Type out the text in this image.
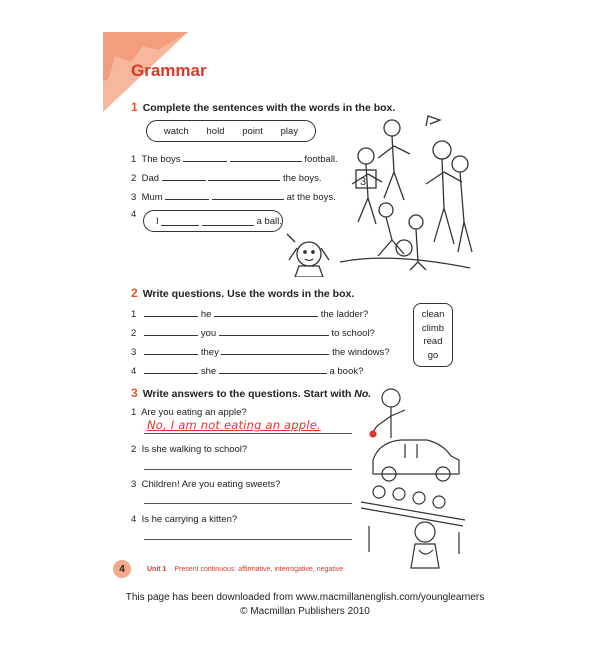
Grammar
1 Complete the sentences with the words in the box.
watch hold point play
1 The boys	football.
2 Dad	the boys.
3 Mum	at the boys.
4
I

	a ball.
3
2 Write questions. Use the words in the box.
1	he	the ladder?
2	you	to school?
3	they	the windows?
4	she	a book?
clean
climb
read
go
3 Write answers to the questions. Start with No.
1 Are you eating an apple?
No, I am not eating an apple.
2 Is she walking to school?
3 Children! Are you eating sweets?
4 Is he carrying a kitten?
4	Unit 1 Present continuous: affirmative, interrogative, negative
This page has been downloaded from www.macmillanenglish.com/younglearners
© Macmillan Publishers 2010
